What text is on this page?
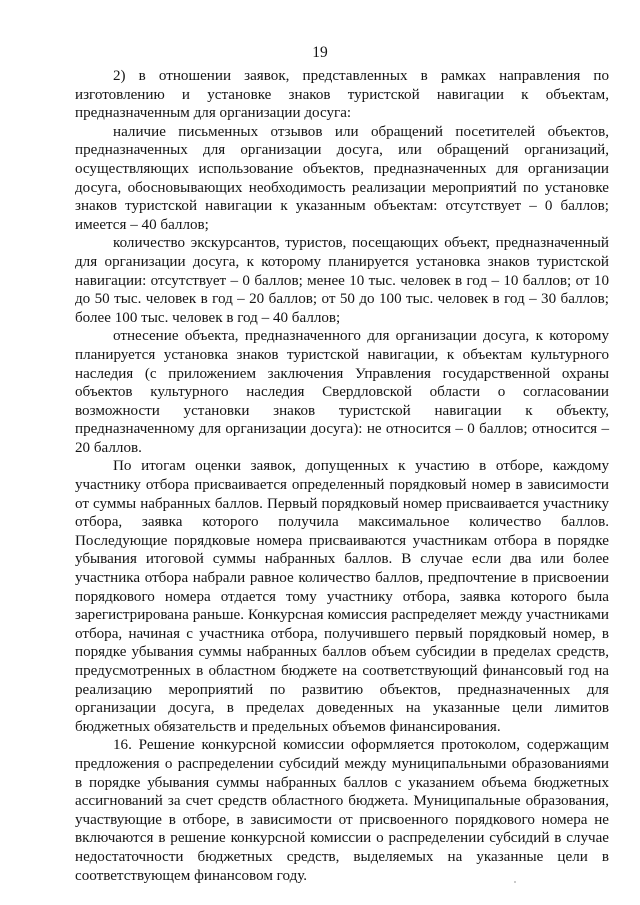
19

2) в отношении заявок, представленных в рамках направления по изготовлению и установке знаков туристской навигации к объектам, предназначенным для организации досуга:

наличие письменных отзывов или обращений посетителей объектов, предназначенных для организации досуга, или обращений организаций, осуществляющих использование объектов, предназначенных для организации досуга, обосновывающих необходимость реализации мероприятий по установке знаков туристской навигации к указанным объектам: отсутствует – 0 баллов; имеется – 40 баллов;

количество экскурсантов, туристов, посещающих объект, предназначенный для организации досуга, к которому планируется установка знаков туристской навигации: отсутствует – 0 баллов; менее 10 тыс. человек в год – 10 баллов; от 10 до 50 тыс. человек в год – 20 баллов; от 50 до 100 тыс. человек в год – 30 баллов; более 100 тыс. человек в год – 40 баллов;

отнесение объекта, предназначенного для организации досуга, к которому планируется установка знаков туристской навигации, к объектам культурного наследия (с приложением заключения Управления государственной охраны объектов культурного наследия Свердловской области о согласовании возможности установки знаков туристской навигации к объекту, предназначенному для организации досуга): не относится – 0 баллов; относится – 20 баллов.

По итогам оценки заявок, допущенных к участию в отборе, каждому участнику отбора присваивается определенный порядковый номер в зависимости от суммы набранных баллов. Первый порядковый номер присваивается участнику отбора, заявка которого получила максимальное количество баллов. Последующие порядковые номера присваиваются участникам отбора в порядке убывания итоговой суммы набранных баллов. В случае если два или более участника отбора набрали равное количество баллов, предпочтение в присвоении порядкового номера отдается тому участнику отбора, заявка которого была зарегистрирована раньше. Конкурсная комиссия распределяет между участниками отбора, начиная с участника отбора, получившего первый порядковый номер, в порядке убывания суммы набранных баллов объем субсидии в пределах средств, предусмотренных в областном бюджете на соответствующий финансовый год на реализацию мероприятий по развитию объектов, предназначенных для организации досуга, в пределах доведенных на указанные цели лимитов бюджетных обязательств и предельных объемов финансирования.

16. Решение конкурсной комиссии оформляется протоколом, содержащим предложения о распределении субсидий между муниципальными образованиями в порядке убывания суммы набранных баллов с указанием объема бюджетных ассигнований за счет средств областного бюджета. Муниципальные образования, участвующие в отборе, в зависимости от присвоенного порядкового номера не включаются в решение конкурсной комиссии о распределении субсидий в случае недостаточности бюджетных средств, выделяемых на указанные цели в соответствующем финансовом году.
